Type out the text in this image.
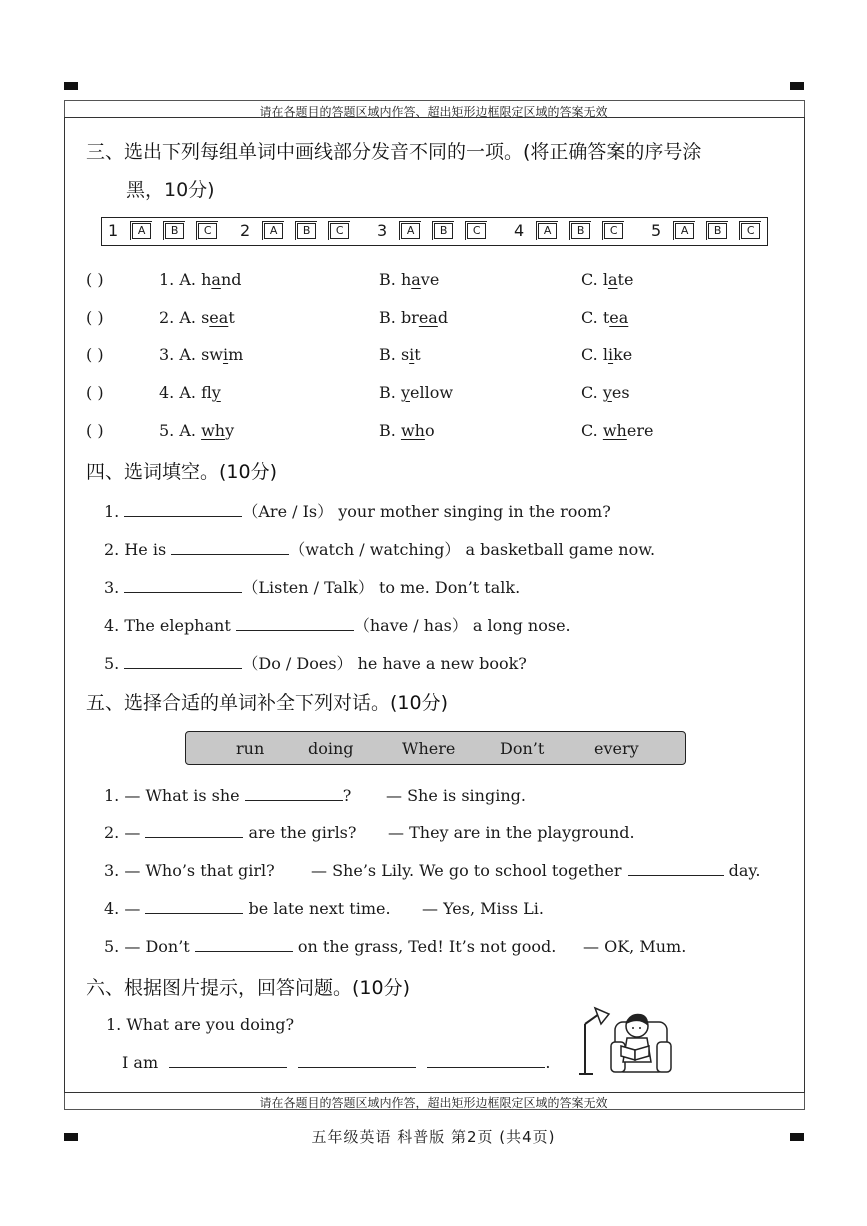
请在各题目的答题区域内作答、超出矩形边框限定区域的答案无效
请在各题目的答题区域内作答，超出矩形边框限定区域的答案无效
三、选出下列每组单词中画线部分发音不同的一项。(将正确答案的序号涂
黑，10分)
1	A	B	C	2	A	B	C	3	A	B	C	4	A	B	C	5	A	B	C
( )	1. A. hand	B. have	C. late
( )	2. A. seat	B. bread	C. tea
( )	3. A. swim	B. sit	C. like
( )	4. A. fly	B. yellow	C. yes
( )	5. A. why	B. who	C. where
四、选词填空。(10分)
1.	（Are / Is） your mother singing in the room?
2. He is	（watch / watching） a basketball game now.
3.	（Listen / Talk） to me. Don’t talk.
4. The elephant	（have / has） a long nose.
5.	（Do / Does） he have a new book?
五、选择合适的单词补全下列对话。(10分)
run	doing	Where	Don’t	every
1. — What is she	? — She is singing.
2. —	are the girls? — They are in the playground.
3. — Who’s that girl? — She’s Lily. We go to school together	day.
4. —	be late next time. — Yes, Miss Li.
5. — Don’t	on the grass, Ted! It’s not good. — OK, Mum.
六、根据图片提示，回答问题。(10分)
1. What are you doing?
I am	.
五年级英语 科普版 第2页 (共4页)
